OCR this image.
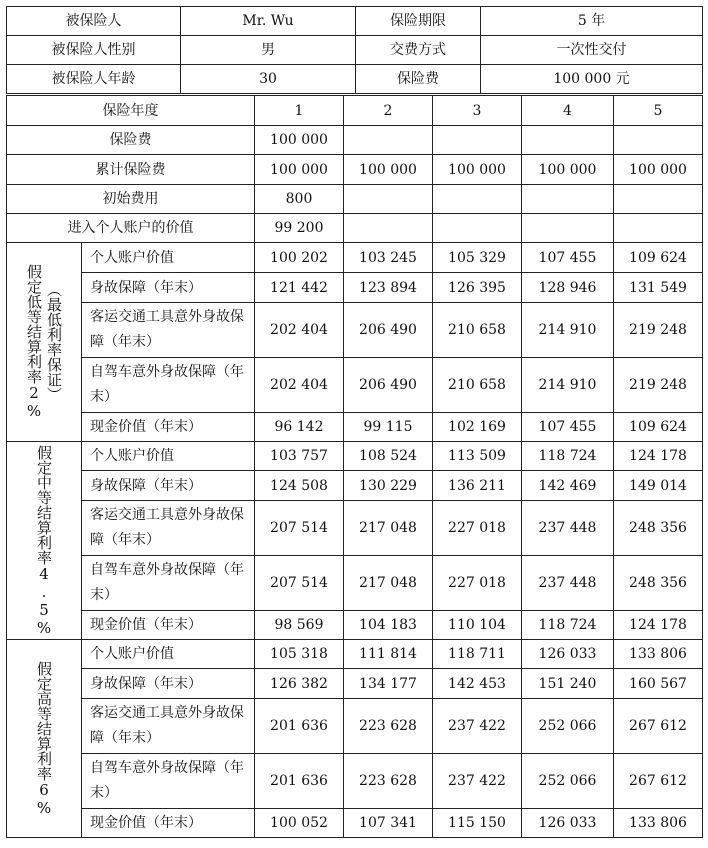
被保险人	Mr. Wu	保险期限	5 年
被保险人性别	男	交费方式	一次性交付
被保险人年龄	30	保险费	100 000 元
保险年度		1	2	3	4	5
保险费		100 000				
累计保险费		100 000	100 000	100 000	100 000	100 000
初始费用		800				
进入个人账户的价值		99 200				

假定低等结算利率2% （最低利率保证）	个人账户价值	100 202	103 245	105 329	107 455	109 624
	身故保障（年末）	121 442	123 894	126 395	128 946	131 549
	客运交通工具意外身故保障（年末）	202 404	206 490	210 658	214 910	219 248
	自驾车意外身故保障（年末）	202 404	206 490	210 658	214 910	219 248
	现金价值（年末）	96 142	99 115	102 169	107 455	109 624

假定中等结算利率4.5%	个人账户价值	103 757	108 524	113 509	118 724	124 178
	身故保障（年末）	124 508	130 229	136 211	142 469	149 014
	客运交通工具意外身故保障（年末）	207 514	217 048	227 018	237 448	248 356
	自驾车意外身故保障（年末）	207 514	217 048	227 018	237 448	248 356
	现金价值（年末）	98 569	104 183	110 104	118 724	124 178

假定高等结算利率6%	个人账户价值	105 318	111 814	118 711	126 033	133 806
	身故保障（年末）	126 382	134 177	142 453	151 240	160 567
	客运交通工具意外身故保障（年末）	201 636	223 628	237 422	252 066	267 612
	自驾车意外身故保障（年末）	201 636	223 628	237 422	252 066	267 612
	现金价值（年末）	100 052	107 341	115 150	126 033	133 806
